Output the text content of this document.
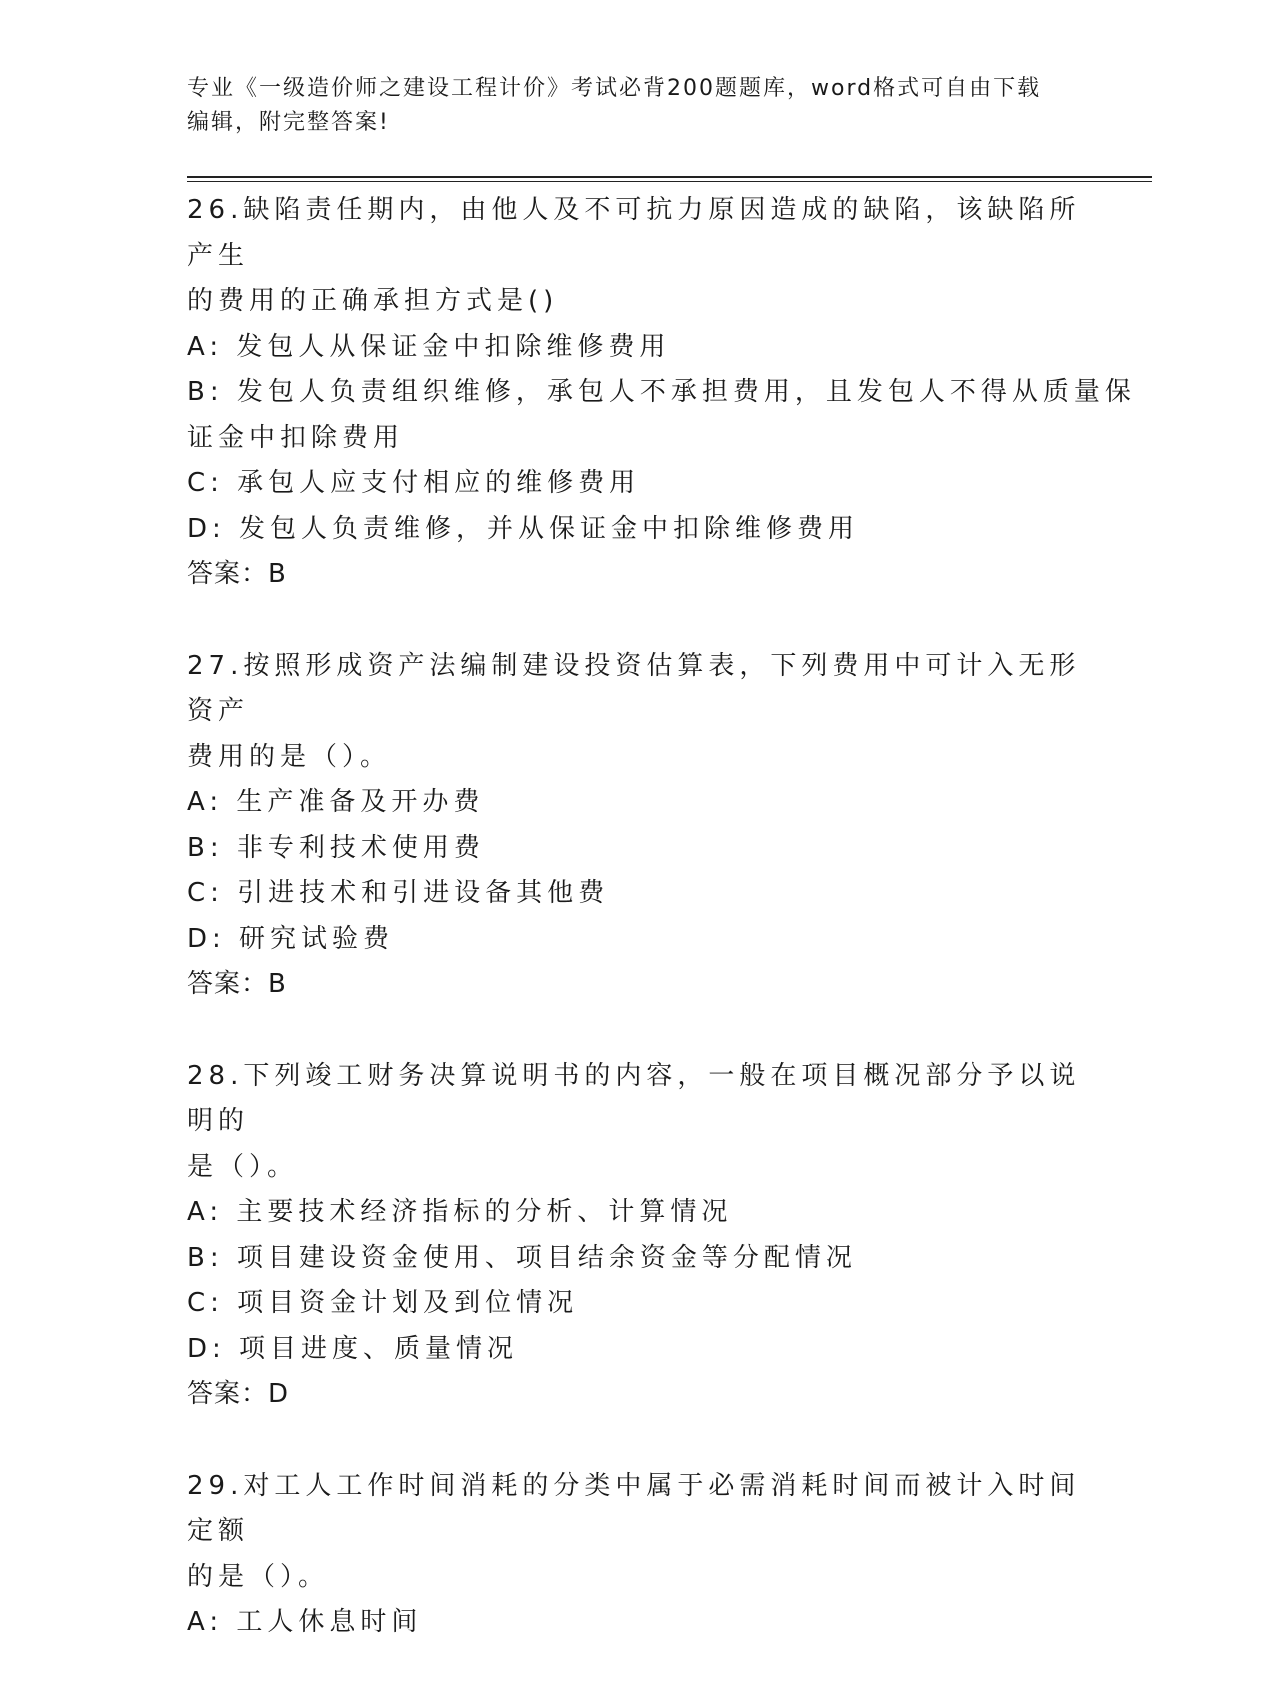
专业《一级造价师之建设工程计价》考试必背200题题库，word格式可自由下载
编辑，附完整答案!
26.缺陷责任期内，由他人及不可抗力原因造成的缺陷，该缺陷所产生
的费用的正确承担方式是()
A: 发包人从保证金中扣除维修费用
B: 发包人负责组织维修，承包人不承担费用，且发包人不得从质量保
证金中扣除费用
C: 承包人应支付相应的维修费用
D: 发包人负责维修，并从保证金中扣除维修费用
答案：B
27.按照形成资产法编制建设投资估算表，下列费用中可计入无形资产
费用的是（）。
A: 生产准备及开办费
B: 非专利技术使用费
C: 引进技术和引进设备其他费
D: 研究试验费
答案：B
28.下列竣工财务决算说明书的内容，一般在项目概况部分予以说明的
是（）。
A: 主要技术经济指标的分析、计算情况
B: 项目建设资金使用、项目结余资金等分配情况
C: 项目资金计划及到位情况
D: 项目进度、质量情况
答案：D
29.对工人工作时间消耗的分类中属于必需消耗时间而被计入时间定额
的是（）。
A: 工人休息时间
